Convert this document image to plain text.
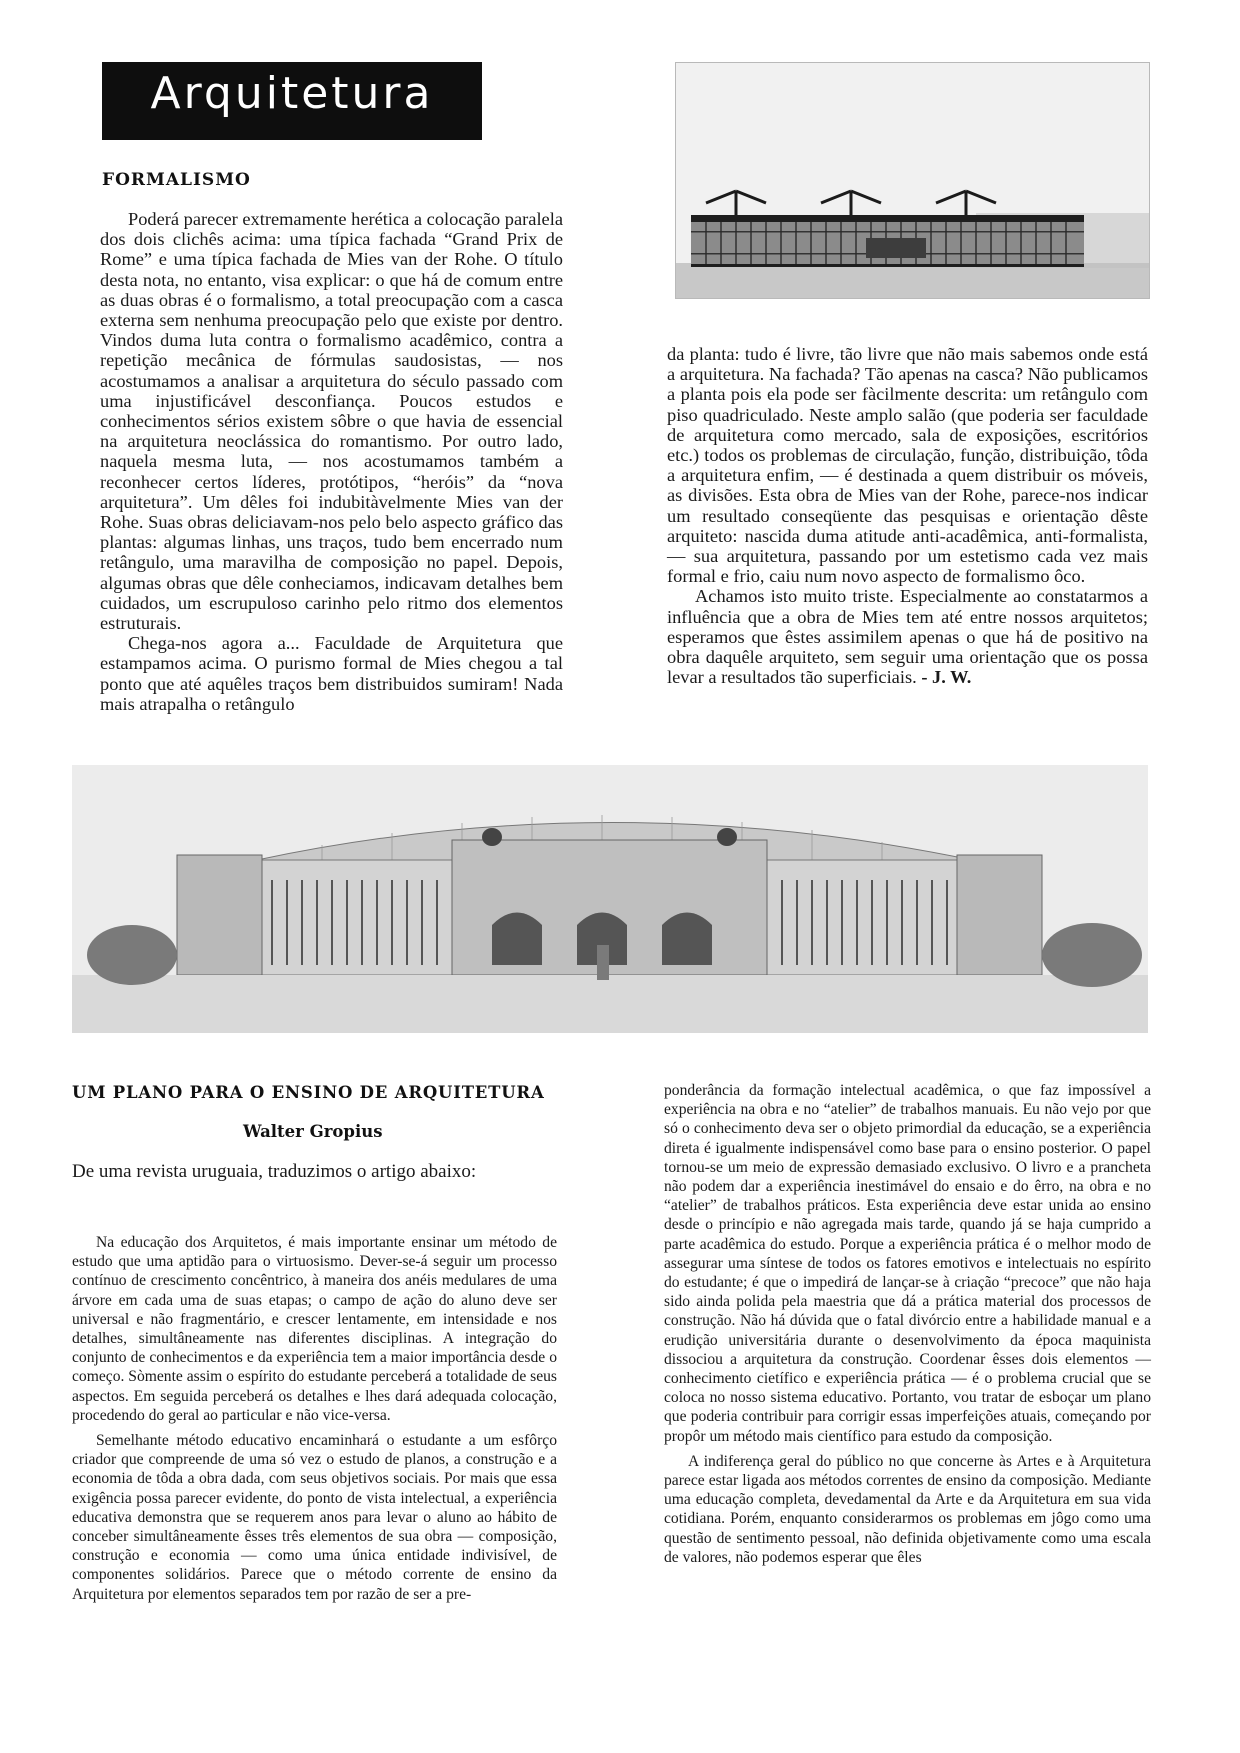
Arquitetura
FORMALISMO

Poderá parecer extremamente herética a colocação paralela dos dois clichês acima: uma típica fachada “Grand Prix de Rome” e uma típica fachada de Mies van der Rohe. O título desta nota, no entanto, visa explicar: o que há de comum entre as duas obras é o formalismo, a total preocupação com a casca externa sem nenhuma preocupação pelo que existe por dentro. Vindos duma luta contra o formalismo acadêmico, contra a repetição mecânica de fórmulas saudosistas, — nos acostumamos a analisar a arquitetura do século passado com uma injustificável desconfiança. Poucos estudos e conhecimentos sérios existem sôbre o que havia de essencial na arquitetura neoclássica do romantismo. Por outro lado, naquela mesma luta, — nos acostumamos também a reconhecer certos líderes, protótipos, “heróis” da “nova arquitetura”. Um dêles foi indubitàvelmente Mies van der Rohe. Suas obras deliciavam-nos pelo belo aspecto gráfico das plantas: algumas linhas, uns traços, tudo bem encerrado num retângulo, uma maravilha de composição no papel. Depois, algumas obras que dêle conheciamos, indicavam detalhes bem cuidados, um escrupuloso carinho pelo ritmo dos elementos estruturais.

Chega-nos agora a... Faculdade de Arquitetura que estampamos acima. O purismo formal de Mies chegou a tal ponto que até aquêles traços bem distribuidos sumiram! Nada mais atrapalha o retângulo

da planta: tudo é livre, tão livre que não mais sabemos onde está a arquitetura. Na fachada? Tão apenas na casca? Não publicamos a planta pois ela pode ser fàcilmente descrita: um retângulo com piso quadriculado. Neste amplo salão (que poderia ser faculdade de arquitetura como mercado, sala de exposições, escritórios etc.) todos os problemas de circulação, função, distribuição, tôda a arquitetura enfim, — é destinada a quem distribuir os móveis, as divisões. Esta obra de Mies van der Rohe, parece-nos indicar um resultado conseqüente das pesquisas e orientação dêste arquiteto: nascida duma atitude anti-acadêmica, anti-formalista, — sua arquitetura, passando por um estetismo cada vez mais formal e frio, caiu num novo aspecto de formalismo ôco.

Achamos isto muito triste. Especialmente ao constatarmos a influência que a obra de Mies tem até entre nossos arquitetos; esperamos que êstes assimilem apenas o que há de positivo na obra daquêle arquiteto, sem seguir uma orientação que os possa levar a resultados tão superficiais. - J. W.

UM PLANO PARA O ENSINO DE ARQUITETURA
Walter Gropius
De uma revista uruguaia, traduzimos o artigo abaixo:

Na educação dos Arquitetos, é mais importante ensinar um método de estudo que uma aptidão para o virtuosismo. Dever-se-á seguir um processo contínuo de crescimento concêntrico, à maneira dos anéis medulares de uma árvore em cada uma de suas etapas; o campo de ação do aluno deve ser universal e não fragmentário, e crescer lentamente, em intensidade e nos detalhes, simultâneamente nas diferentes disciplinas. A integração do conjunto de conhecimentos e da experiência tem a maior importância desde o começo. Sòmente assim o espírito do estudante perceberá a totalidade de seus aspectos. Em seguida perceberá os detalhes e lhes dará adequada colocação, procedendo do geral ao particular e não vice-versa.

Semelhante método educativo encaminhará o estudante a um esfôrço criador que compreende de uma só vez o estudo de planos, a construção e a economia de tôda a obra dada, com seus objetivos sociais. Por mais que essa exigência possa parecer evidente, do ponto de vista intelectual, a experiência educativa demonstra que se requerem anos para levar o aluno ao hábito de conceber simultâneamente êsses três elementos de sua obra — composição, construção e economia — como uma única entidade indivisível, de componentes solidários. Parece que o método corrente de ensino da Arquitetura por elementos separados tem por razão de ser a pre-

ponderância da formação intelectual acadêmica, o que faz impossível a experiência na obra e no “atelier” de trabalhos manuais. Eu não vejo por que só o conhecimento deva ser o objeto primordial da educação, se a experiência direta é igualmente indispensável como base para o ensino posterior. O papel tornou-se um meio de expressão demasiado exclusivo. O livro e a prancheta não podem dar a experiência inestimável do ensaio e do êrro, na obra e no “atelier” de trabalhos práticos. Esta experiência deve estar unida ao ensino desde o princípio e não agregada mais tarde, quando já se haja cumprido a parte acadêmica do estudo. Porque a experiência prática é o melhor modo de assegurar uma síntese de todos os fatores emotivos e intelectuais no espírito do estudante; é que o impedirá de lançar-se à criação “precoce” que não haja sido ainda polida pela maestria que dá a prática material dos processos de construção. Não há dúvida que o fatal divórcio entre a habilidade manual e a erudição universitária durante o desenvolvimento da época maquinista dissociou a arquitetura da construção. Coordenar êsses dois elementos — conhecimento cietífico e experiência prática — é o problema crucial que se coloca no nosso sistema educativo. Portanto, vou tratar de esboçar um plano que poderia contribuir para corrigir essas imperfeições atuais, começando por propôr um método mais científico para estudo da composição.

A indiferença geral do público no que concerne às Artes e à Arquitetura parece estar ligada aos métodos correntes de ensino da composição. Mediante uma educação completa, devedamental da Arte e da Arquitetura em sua vida cotidiana. Porém, enquanto considerarmos os problemas em jôgo como uma questão de sentimento pessoal, não definida objetivamente como uma escala de valores, não podemos esperar que êles
